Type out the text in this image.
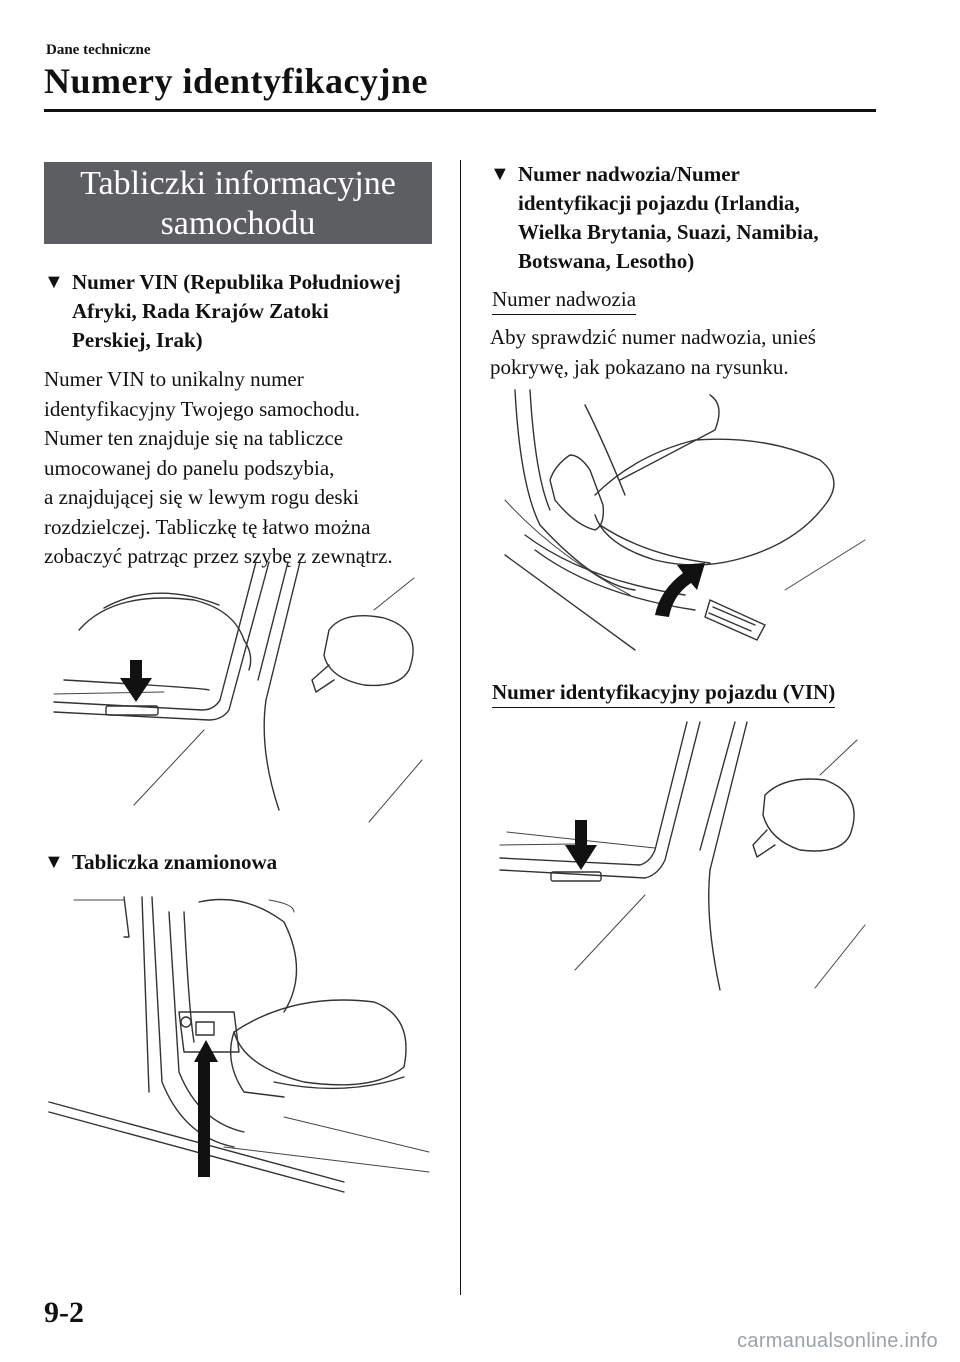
Dane techniczne
Numery identyfikacyjne
Tabliczki informacyjne
samochodu
▼ Numer VIN (Republika Południowej
Afryki, Rada Krajów Zatoki
Perskiej, Irak)
Numer VIN to unikalny numer
identyfikacyjny Twojego samochodu.
Numer ten znajduje się na tabliczce
umocowanej do panelu podszybia,
a znajdującej się w lewym rogu deski
rozdzielczej. Tabliczkę tę łatwo można
zobaczyć patrząc przez szybę z zewnątrz.
▼ Tabliczka znamionowa
▼ Numer nadwozia/Numer
identyfikacji pojazdu (Irlandia,
Wielka Brytania, Suazi, Namibia,
Botswana, Lesotho)
Numer nadwozia
Aby sprawdzić numer nadwozia, unieś
pokrywę, jak pokazano na rysunku.
Numer identyfikacyjny pojazdu (VIN)
9-2
carmanualsonline.info
